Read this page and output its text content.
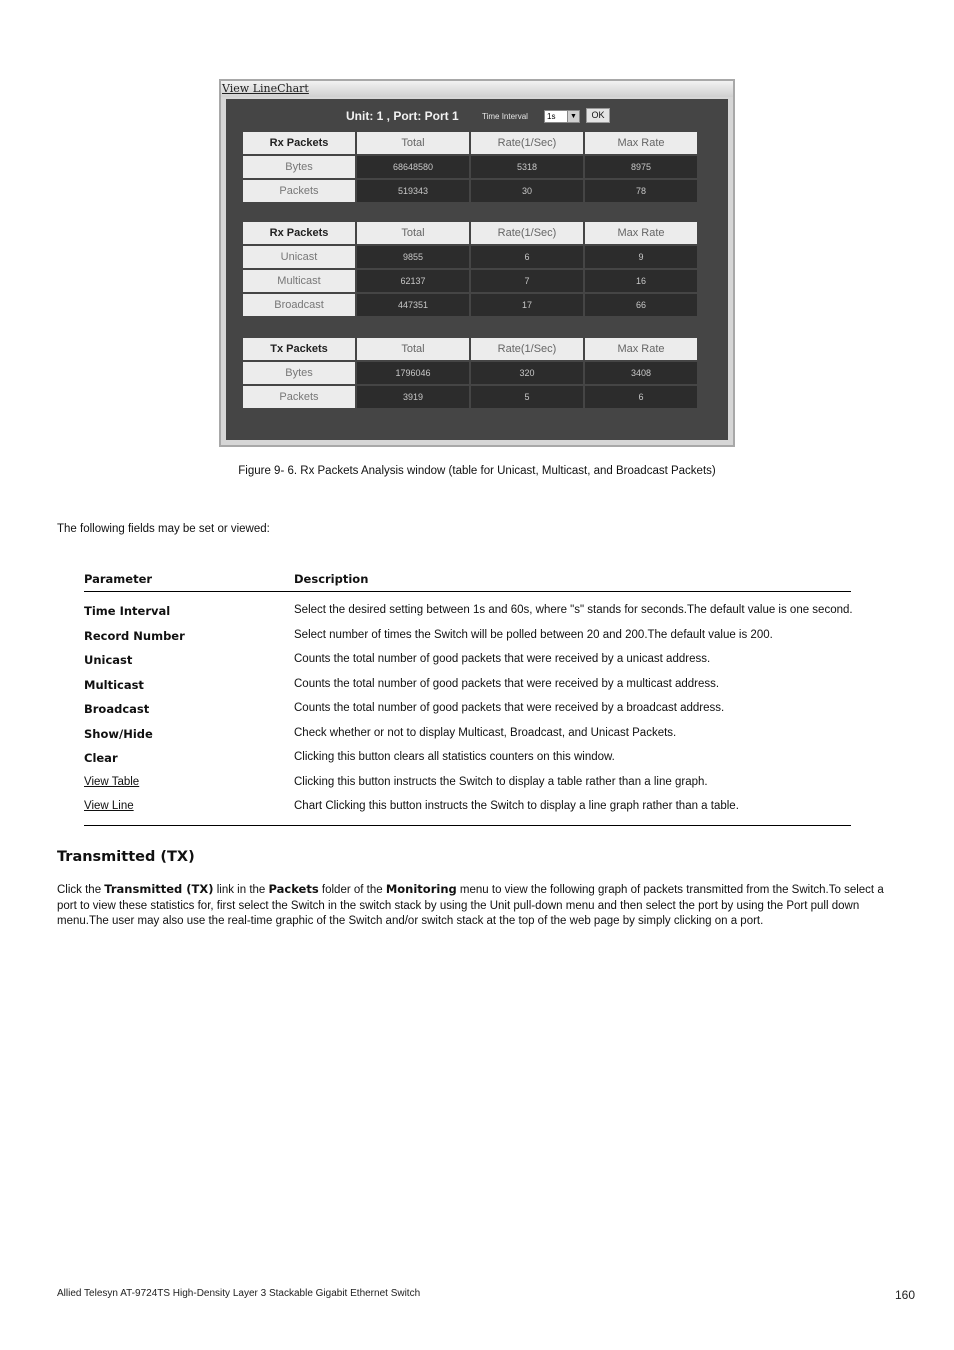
View LineChart
Unit: 1 , Port: Port 1	Time Interval	1s	▼	OK
Rx Packets	Total	Rate(1/Sec)	Max Rate
Bytes	68648580	5318	8975
Packets	519343	30	78
Rx Packets	Total	Rate(1/Sec)	Max Rate
Unicast	9855	6	9
Multicast	62137	7	16
Broadcast	447351	17	66
Tx Packets	Total	Rate(1/Sec)	Max Rate
Bytes	1796046	320	3408
Packets	3919	5	6
Figure 9- 6. Rx Packets Analysis window (table for Unicast, Multicast, and Broadcast Packets)
The following fields may be set or viewed:
Parameter	Description
Time Interval	Select the desired setting between 1s and 60s, where "s" stands for seconds.The default value is one second.
Record Number	Select number of times the Switch will be polled between 20 and 200.The default value is 200.
Unicast	Counts the total number of good packets that were received by a unicast address.
Multicast	Counts the total number of good packets that were received by a multicast address.
Broadcast	Counts the total number of good packets that were received by a broadcast address.
Show/Hide	Check whether or not to display Multicast, Broadcast, and Unicast Packets.
Clear	Clicking this button clears all statistics counters on this window.
View Table	Clicking this button instructs the Switch to display a table rather than a line graph.
View Line	Chart Clicking this button instructs the Switch to display a line graph rather than a table.
Transmitted (TX)
Click the Transmitted (TX) link in the Packets folder of the Monitoring menu to view the following graph of packets transmitted from the Switch.To select a port to view these statistics for, first select the Switch in the switch stack by using the Unit pull-down menu and then select the port by using the Port pull down menu.The user may also use the real-time graphic of the Switch and/or switch stack at the top of the web page by simply clicking on a port.
Allied Telesyn AT-9724TS High-Density Layer 3 Stackable Gigabit Ethernet Switch	160
